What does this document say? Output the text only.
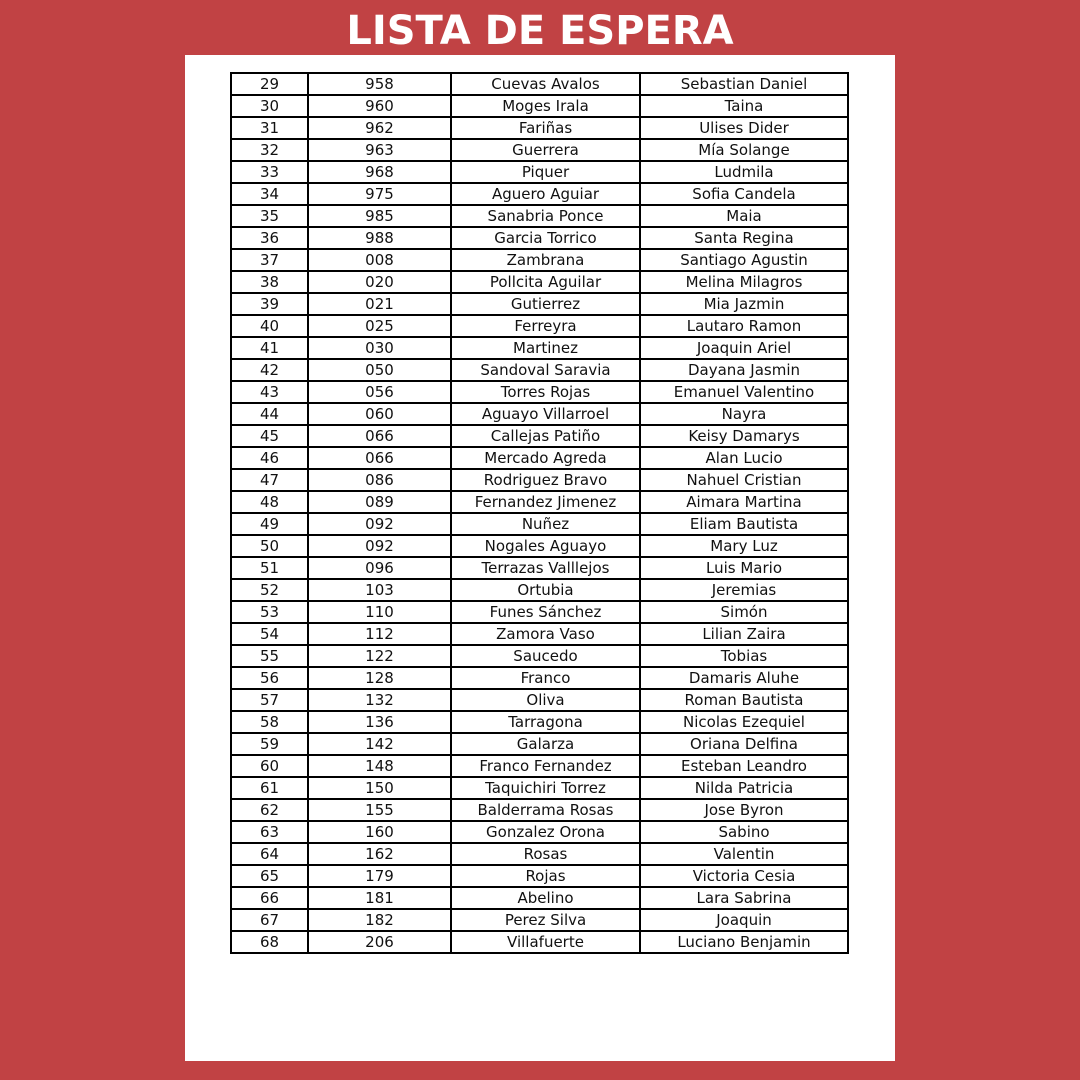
LISTA DE ESPERA
29	958	Cuevas Avalos	Sebastian Daniel
30	960	Moges Irala	Taina
31	962	Fariñas	Ulises Dider
32	963	Guerrera	Mía Solange
33	968	Piquer	Ludmila
34	975	Aguero Aguiar	Sofia Candela
35	985	Sanabria Ponce	Maia
36	988	Garcia Torrico	Santa Regina
37	008	Zambrana	Santiago Agustin
38	020	Pollcita Aguilar	Melina Milagros
39	021	Gutierrez	Mia Jazmin
40	025	Ferreyra	Lautaro Ramon
41	030	Martinez	Joaquin Ariel
42	050	Sandoval Saravia	Dayana Jasmin
43	056	Torres Rojas	Emanuel Valentino
44	060	Aguayo Villarroel	Nayra
45	066	Callejas Patiño	Keisy Damarys
46	066	Mercado Agreda	Alan Lucio
47	086	Rodriguez Bravo	Nahuel Cristian
48	089	Fernandez Jimenez	Aimara Martina
49	092	Nuñez	Eliam Bautista
50	092	Nogales Aguayo	Mary Luz
51	096	Terrazas Valllejos	Luis Mario
52	103	Ortubia	Jeremias
53	110	Funes Sánchez	Simón
54	112	Zamora Vaso	Lilian Zaira
55	122	Saucedo	Tobias
56	128	Franco	Damaris Aluhe
57	132	Oliva	Roman Bautista
58	136	Tarragona	Nicolas Ezequiel
59	142	Galarza	Oriana Delfina
60	148	Franco Fernandez	Esteban Leandro
61	150	Taquichiri Torrez	Nilda Patricia
62	155	Balderrama Rosas	Jose Byron
63	160	Gonzalez Orona	Sabino
64	162	Rosas	Valentin
65	179	Rojas	Victoria Cesia
66	181	Abelino	Lara Sabrina
67	182	Perez Silva	Joaquin
68	206	Villafuerte	Luciano Benjamin
